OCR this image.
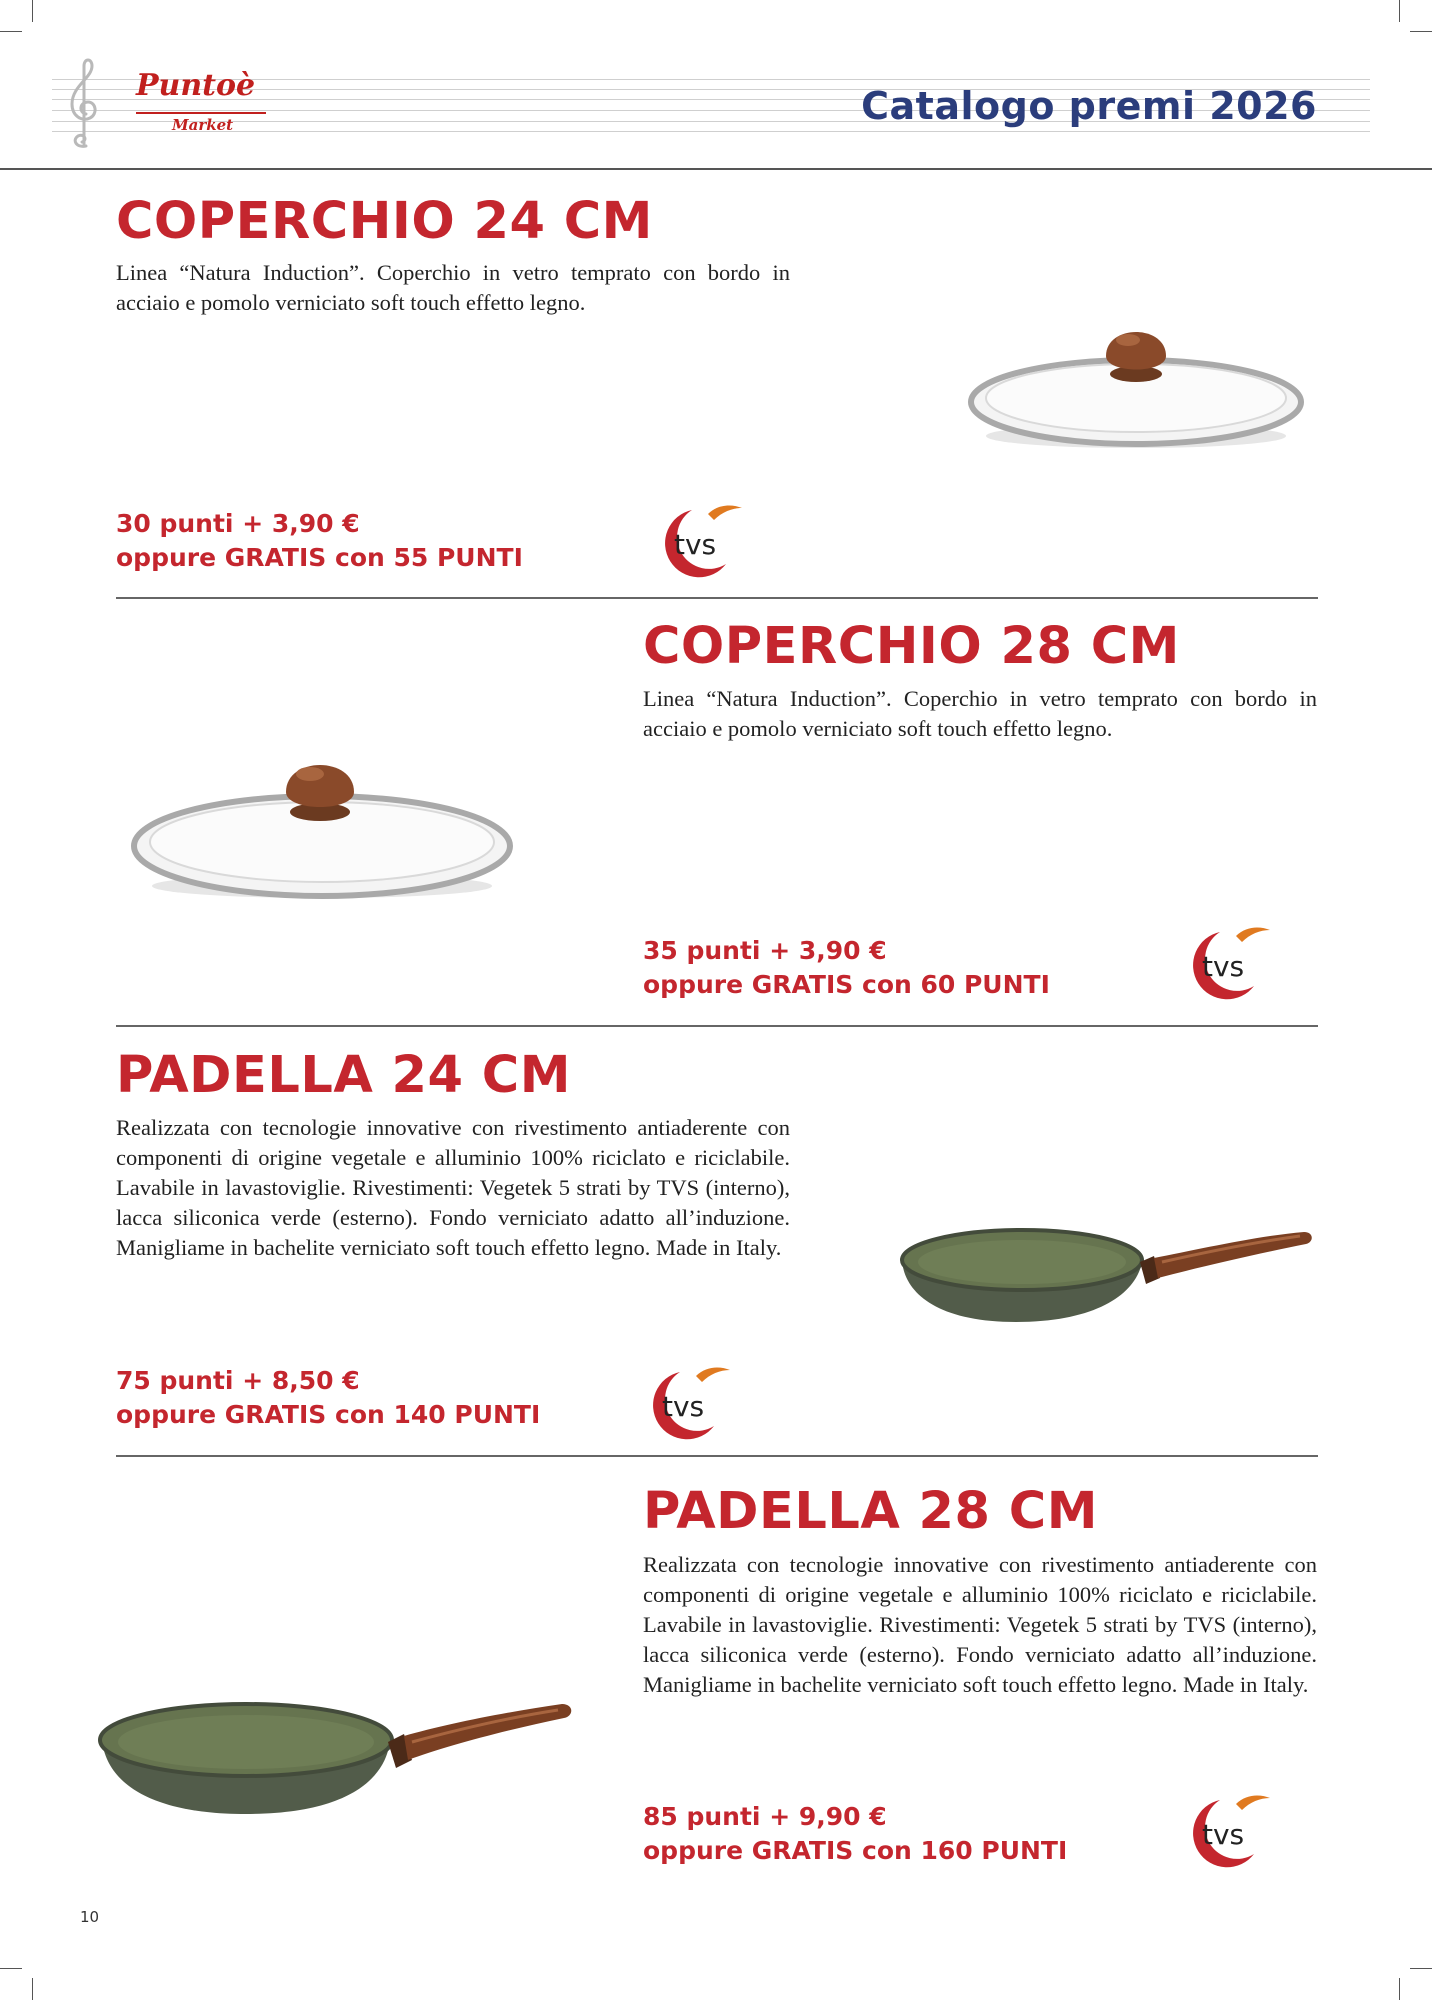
Puntoè
Market	Catalogo premi 2026
COPERCHIO 24 CM
Linea “Natura Induction”. Coperchio in vetro temprato con bordo in acciaio e pomolo verniciato soft touch effetto legno.
30 punti + 3,90 €
oppure GRATIS con 55 PUNTI	tvs
COPERCHIO 28 CM
Linea “Natura Induction”. Coperchio in vetro temprato con bordo in acciaio e pomolo verniciato soft touch effetto legno.
35 punti + 3,90 €
oppure GRATIS con 60 PUNTI
tvs
PADELLA 24 CM
Realizzata con tecnologie innovative con rivestimento antiaderente con componenti di origine vegetale e alluminio 100% riciclato e riciclabile. Lavabile in lavastoviglie. Rivestimenti: Vegetek 5 strati by TVS (interno), lacca siliconica verde (esterno). Fondo verniciato adatto all’induzione. Manigliame in bachelite verniciato soft touch effetto legno. Made in Italy.
75 punti + 8,50 €
oppure GRATIS con 140 PUNTI	tvs
PADELLA 28 CM
Realizzata con tecnologie innovative con rivestimento antiaderente con componenti di origine vegetale e alluminio 100% riciclato e riciclabile. Lavabile in lavastoviglie. Rivestimenti: Vegetek 5 strati by TVS (interno), lacca siliconica verde (esterno). Fondo verniciato adatto all’induzione. Manigliame in bachelite verniciato soft touch effetto legno. Made in Italy.
85 punti + 9,90 €
oppure GRATIS con 160 PUNTI	tvs
10
